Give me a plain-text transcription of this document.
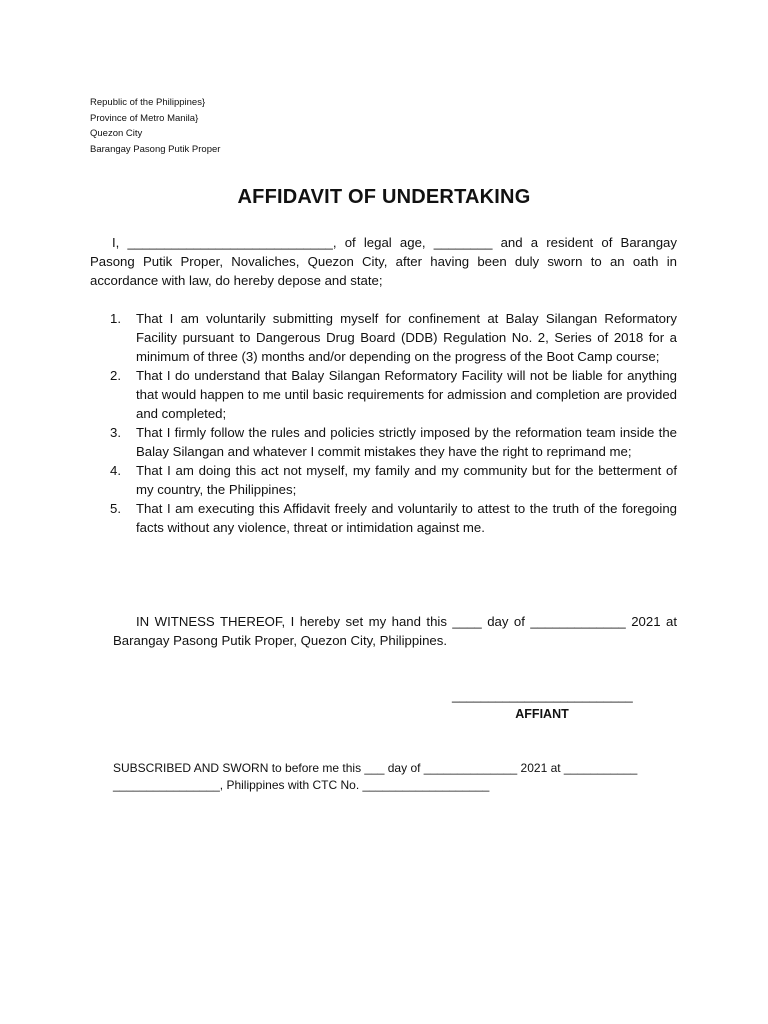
Republic of the Philippines}
Province of Metro Manila}
Quezon City
Barangay Pasong Putik Proper
AFFIDAVIT OF UNDERTAKING

I, ____________________________, of legal age, ________ and a resident of Barangay Pasong Putik Proper, Novaliches, Quezon City, after having been duly sworn to an oath in accordance with law, do hereby depose and state;

1. That I am voluntarily submitting myself for confinement at Balay Silangan Reformatory Facility pursuant to Dangerous Drug Board (DDB) Regulation No. 2, Series of 2018 for a minimum of three (3) months and/or depending on the progress of the Boot Camp course;
2. That I do understand that Balay Silangan Reformatory Facility will not be liable for anything that would happen to me until basic requirements for admission and completion are provided and completed;
3. That I firmly follow the rules and policies strictly imposed by the reformation team inside the Balay Silangan and whatever I commit mistakes they have the right to reprimand me;
4. That I am doing this act not myself, my family and my community but for the betterment of my country, the Philippines;
5. That I am executing this Affidavit freely and voluntarily to attest to the truth of the foregoing facts without any violence, threat or intimidation against me.

IN WITNESS THEREOF, I hereby set my hand this ____ day of _____________ 2021 at Barangay Pasong Putik Proper, Quezon City, Philippines.

_________________________
AFFIANT
SUBSCRIBED AND SWORN to before me this ___ day of ______________ 2021 at ___________
________________, Philippines with CTC No. ___________________
